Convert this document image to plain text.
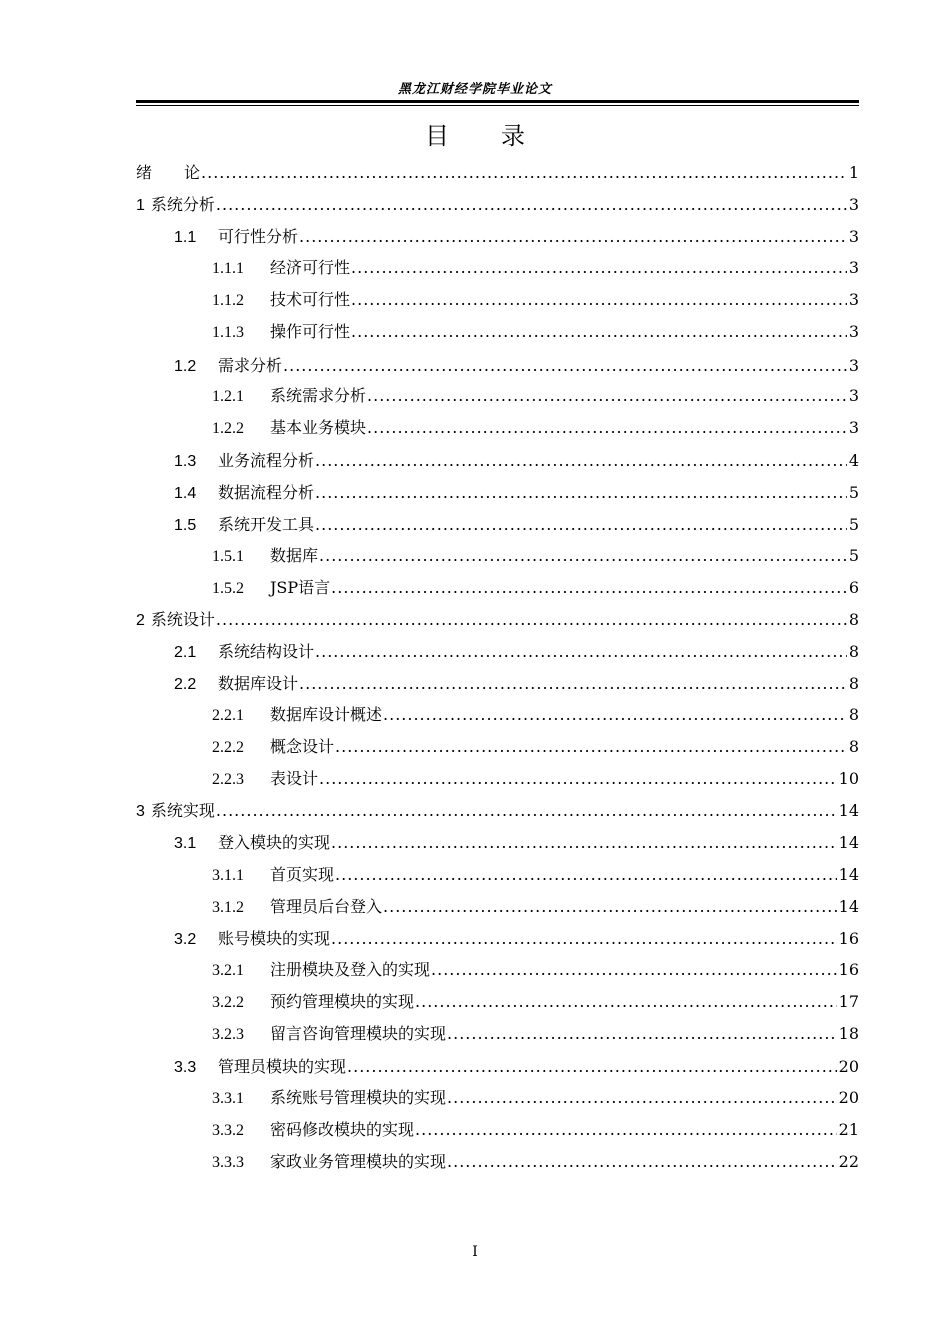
黑龙江财经学院毕业论文
目录
绪　　论 .....	1
1 系统分析 .....	3
1.1	可行性分析 .....	3
1.1.1	经济可行性 .....	3
1.1.2	技术可行性 .....	3
1.1.3	操作可行性 .....	3
1.2	需求分析 .....	3
1.2.1	系统需求分析 .....	3
1.2.2	基本业务模块 .....	3
1.3	业务流程分析 .....	4
1.4	数据流程分析 .....	5
1.5	系统开发工具 .....	5
1.5.1	数据库 .....	5
1.5.2	JSP语言 .....	6
2 系统设计 .....	8
2.1	系统结构设计 .....	8
2.2	数据库设计 .....	8
2.2.1	数据库设计概述 .....	8
2.2.2	概念设计 .....	8
2.2.3	表设计 .....	10
3 系统实现 .....	14
3.1	登入模块的实现 .....	14
3.1.1	首页实现 .....	14
3.1.2	管理员后台登入 .....	14
3.2	账号模块的实现 .....	16
3.2.1	注册模块及登入的实现 .....	16
3.2.2	预约管理模块的实现 .....	17
3.2.3	留言咨询管理模块的实现 .....	18
3.3	管理员模块的实现 .....	20
3.3.1	系统账号管理模块的实现 .....	20
3.3.2	密码修改模块的实现 .....	21
3.3.3	家政业务管理模块的实现 .....	22
I
